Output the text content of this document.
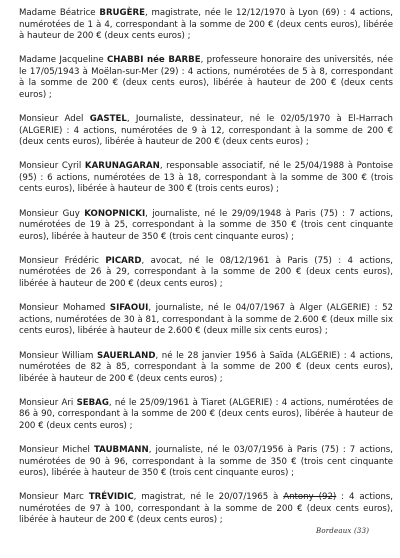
Madame Béatrice BRUGÈRE, magistrate, née le 12/12/1970 à Lyon (69) : 4 actions, numérotées de 1 à 4, correspondant à la somme de 200 € (deux cents euros), libérée à hauteur de 200 € (deux cents euros) ;

Madame Jacqueline CHABBI née BARBE, professeure honoraire des universités, née le 17/05/1943 à Moëlan-sur-Mer (29) : 4 actions, numérotées de 5 à 8, correspondant à la somme de 200 € (deux cents euros), libérée à hauteur de 200 € (deux cents euros) ;

Monsieur Adel GASTEL, Journaliste, dessinateur, né le 02/05/1970 à El-Harrach (ALGERIE) : 4 actions, numérotées de 9 à 12, correspondant à la somme de 200 € (deux cents euros), libérée à hauteur de 200 € (deux cents euros) ;

Monsieur Cyril KARUNAGARAN, responsable associatif, né le 25/04/1988 à Pontoise (95) : 6 actions, numérotées de 13 à 18, correspondant à la somme de 300 € (trois cents euros), libérée à hauteur de 300 € (trois cents euros) ;

Monsieur Guy KONOPNICKI, journaliste, né le 29/09/1948 à Paris (75) : 7 actions, numérotées de 19 à 25, correspondant à la somme de 350 € (trois cent cinquante euros), libérée à hauteur de 350 € (trois cent cinquante euros) ;

Monsieur Frédéric PICARD, avocat, né le 08/12/1961 à Paris (75) : 4 actions, numérotées de 26 à 29, correspondant à la somme de 200 € (deux cents euros), libérée à hauteur de 200 € (deux cents euros) ;

Monsieur Mohamed SIFAOUI, journaliste, né le 04/07/1967 à Alger (ALGERIE) : 52 actions, numérotées de 30 à 81, correspondant à la somme de 2.600 € (deux mille six cents euros), libérée à hauteur de 2.600 € (deux mille six cents euros) ;

Monsieur William SAUERLAND, né le 28 janvier 1956 à Saïda (ALGERIE) : 4 actions, numérotées de 82 à 85, correspondant à la somme de 200 € (deux cents euros), libérée à hauteur de 200 € (deux cents euros) ;

Monsieur Ari SEBAG, né le 25/09/1961 à Tiaret (ALGERIE) : 4 actions, numérotées de 86 à 90, correspondant à la somme de 200 € (deux cents euros), libérée à hauteur de 200 € (deux cents euros) ;

Monsieur Michel TAUBMANN, journaliste, né le 03/07/1956 à Paris (75) : 7 actions, numérotées de 90 à 96, correspondant à la somme de 350 € (trois cent cinquante euros), libérée à hauteur de 350 € (trois cent cinquante euros) ;

Monsieur Marc TRÉVIDIC, magistrat, né le 20/07/1965 à Antony (92) : 4 actions, numérotées de 97 à 100, correspondant à la somme de 200 € (deux cents euros), libérée à hauteur de 200 € (deux cents euros) ;

Bordeaux (33)
